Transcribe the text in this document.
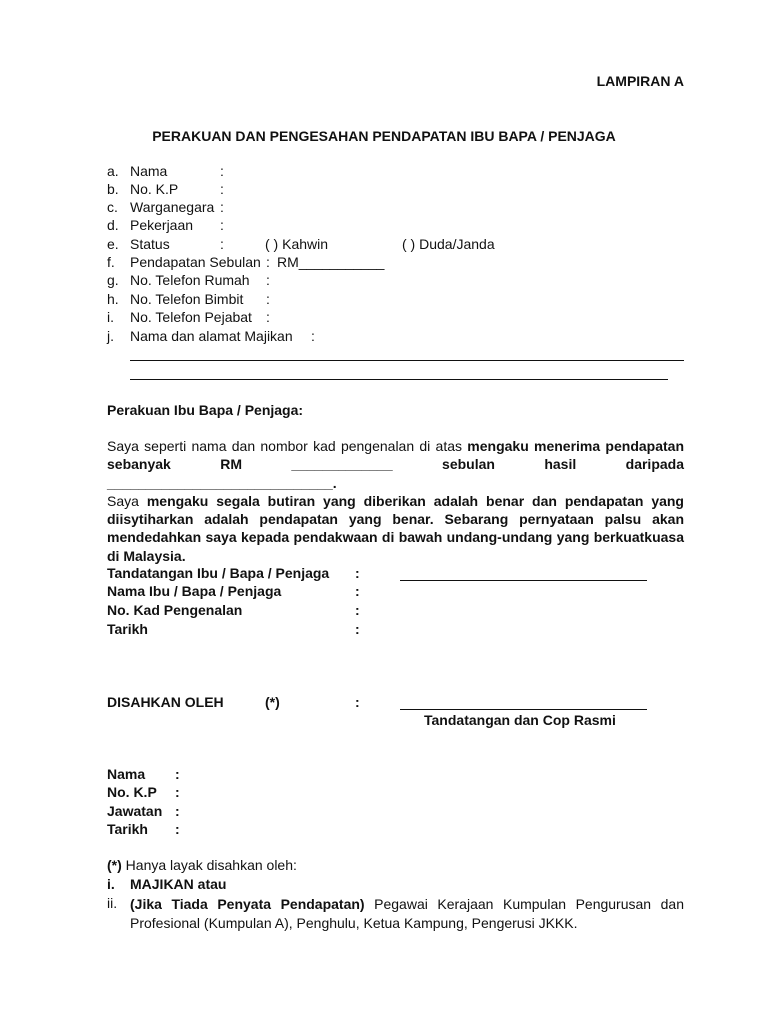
LAMPIRAN A
PERAKUAN DAN PENGESAHAN PENDAPATAN IBU BAPA / PENJAGA
a. Nama	:
b. No. K.P	:
c. Warganegara :
d. Pekerjaan :
e. Status	:	( ) Kahwin	( ) Duda/Janda
f. Pendapatan Sebulan : RM___________
g. No. Telefon Rumah :
h. No. Telefon Bimbit :
i. No. Telefon Pejabat :
j. Nama dan alamat Majikan :
Perakuan Ibu Bapa / Penjaga:
Saya seperti nama dan nombor kad pengenalan di atas mengaku menerima pendapatan sebanyak RM _____________ sebulan hasil daripada _____________________________.
Saya mengaku segala butiran yang diberikan adalah benar dan pendapatan yang diisytiharkan adalah pendapatan yang benar. Sebarang pernyataan palsu akan mendedahkan saya kepada pendakwaan di bawah undang-undang yang berkuatkuasa di Malaysia.
Tandatangan Ibu / Bapa / Penjaga :
Nama Ibu / Bapa / Penjaga	:
No. Kad Pengenalan	:
Tarikh	:
DISAHKAN OLEH	(*)	:
Tandatangan dan Cop Rasmi
Nama :
No. K.P :
Jawatan :
Tarikh :
(*) Hanya layak disahkan oleh:
i. MAJIKAN atau
ii. (Jika Tiada Penyata Pendapatan) Pegawai Kerajaan Kumpulan Pengurusan dan Profesional (Kumpulan A), Penghulu, Ketua Kampung, Pengerusi JKKK.
